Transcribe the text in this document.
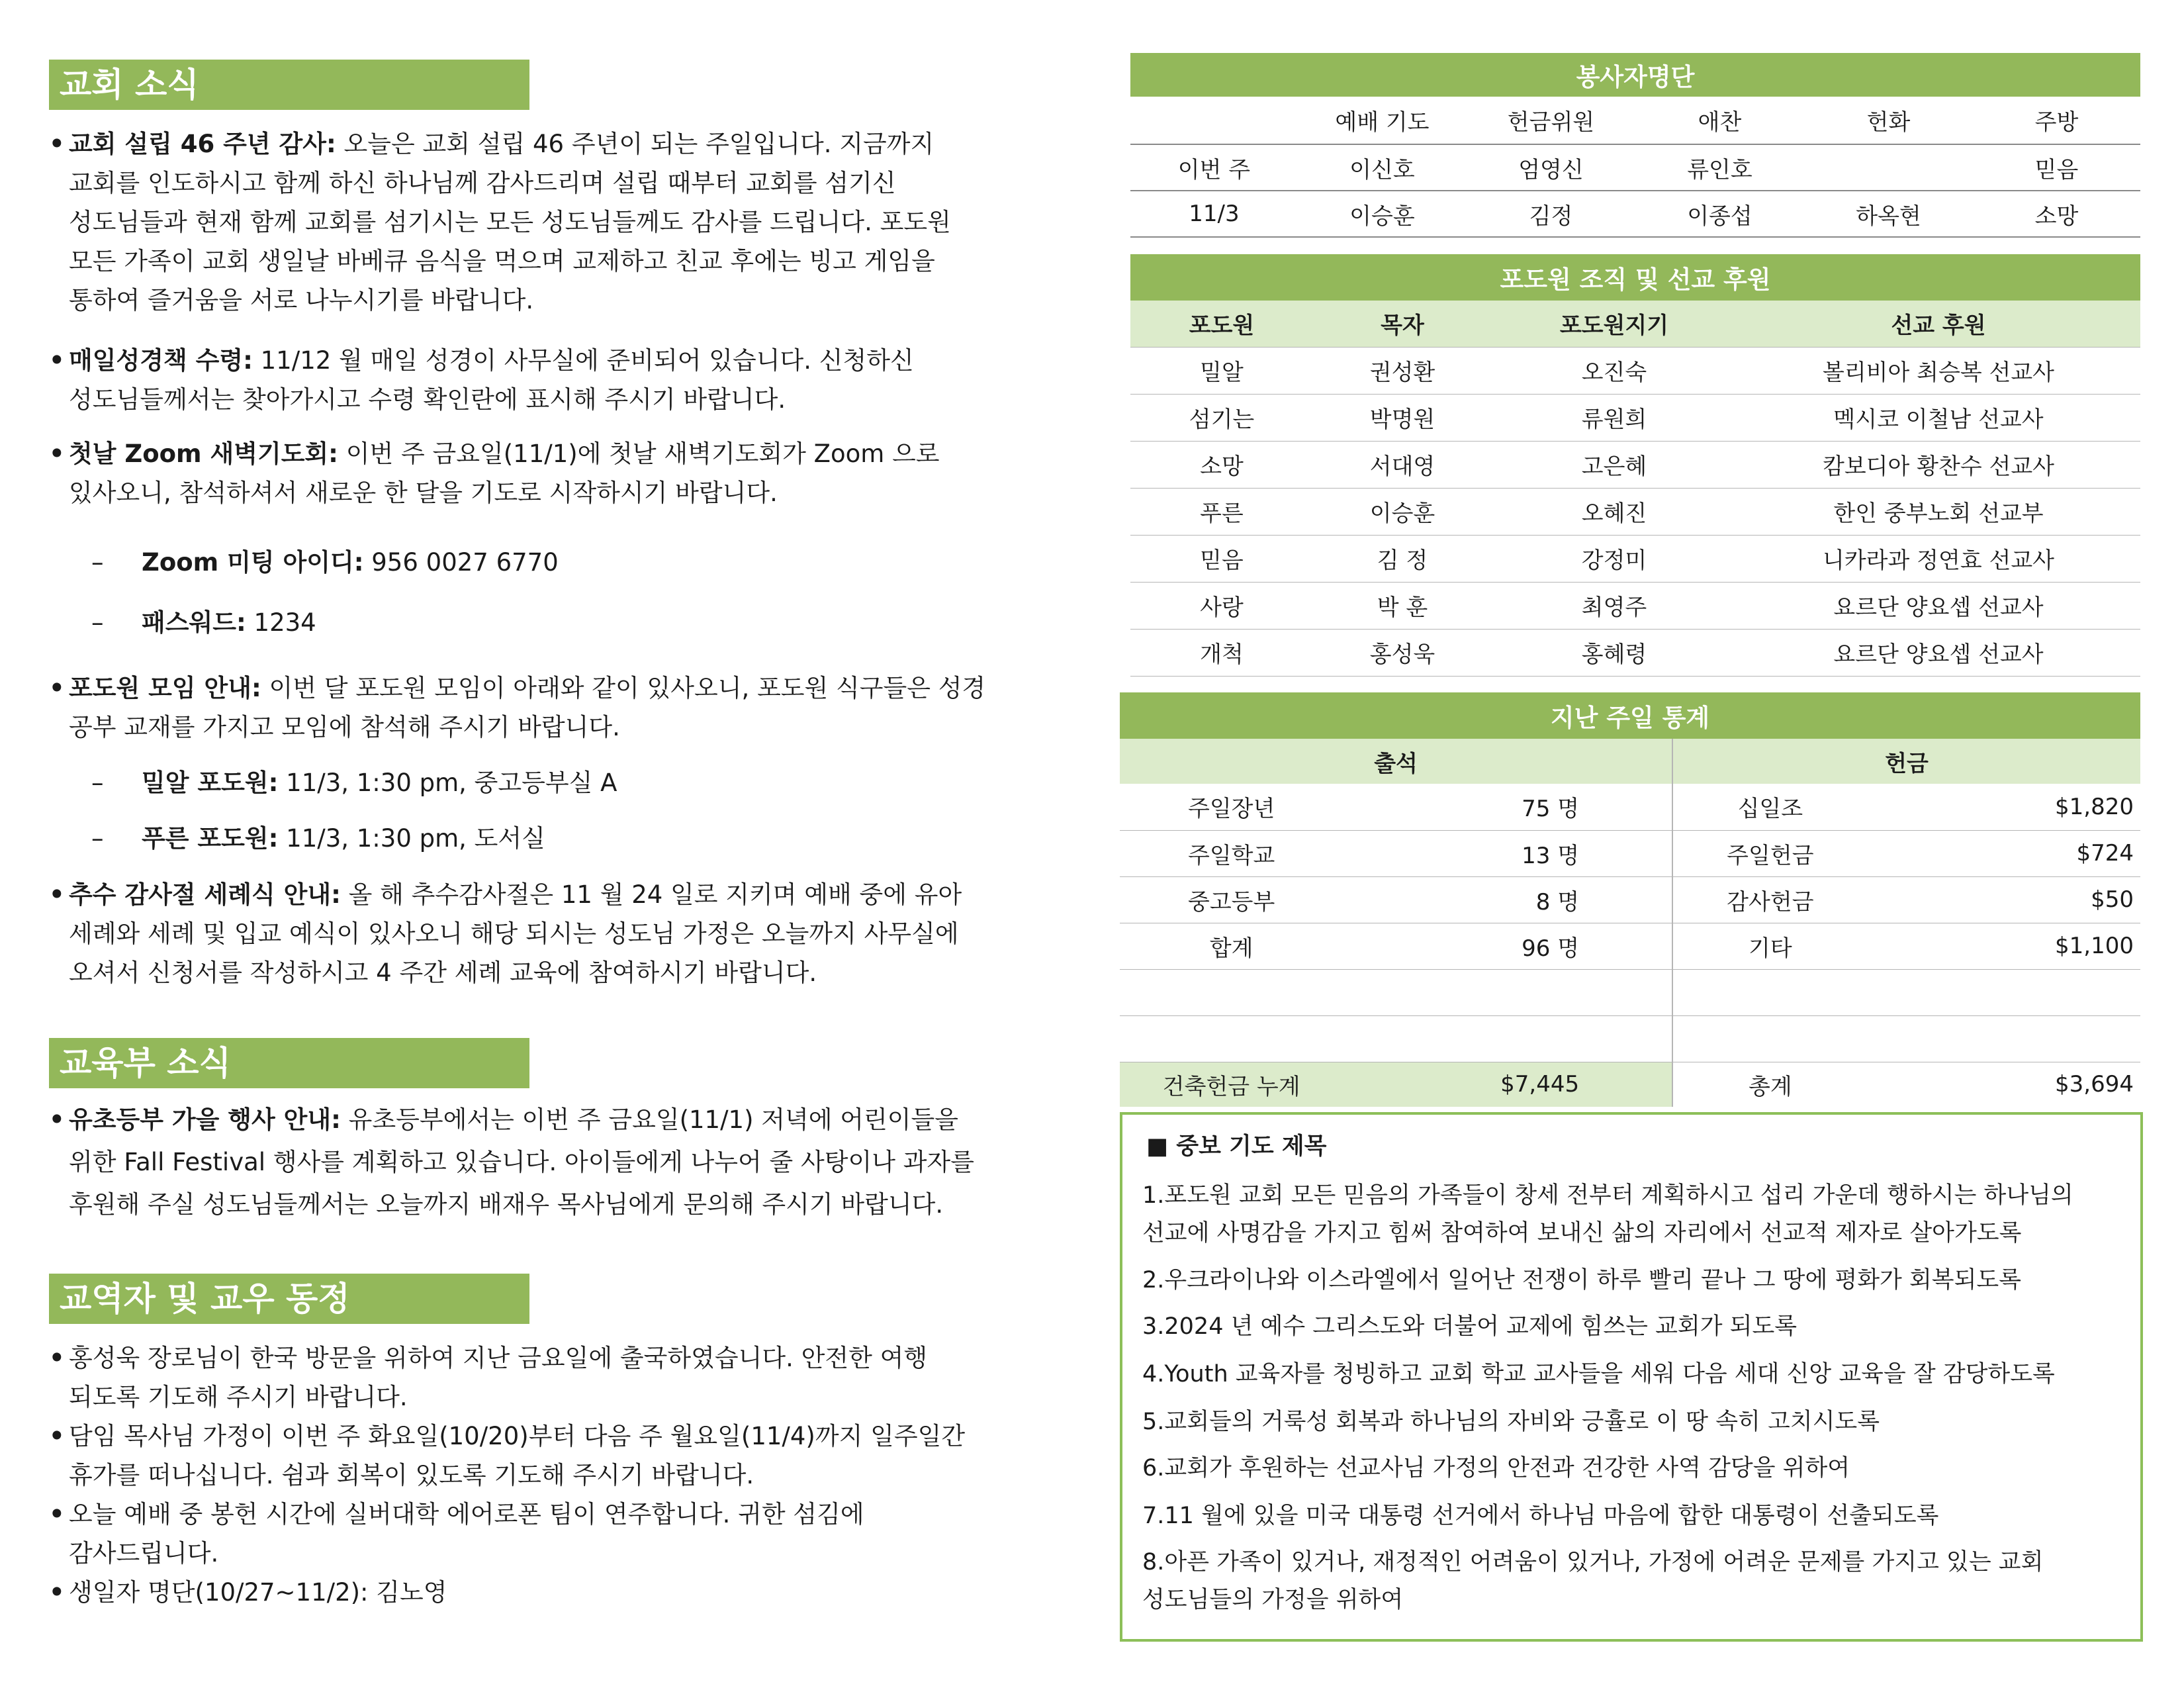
교회 소식
• 교회 설립 46 주년 감사: 오늘은 교회 설립 46 주년이 되는 주일입니다. 지금까지
교회를 인도하시고 함께 하신 하나님께 감사드리며 설립 때부터 교회를 섬기신
성도님들과 현재 함께 교회를 섬기시는 모든 성도님들께도 감사를 드립니다. 포도원
모든 가족이 교회 생일날 바베큐 음식을 먹으며 교제하고 친교 후에는 빙고 게임을
통하여 즐거움을 서로 나누시기를 바랍니다.
• 매일성경책 수령: 11/12 월 매일 성경이 사무실에 준비되어 있습니다. 신청하신
성도님들께서는 찾아가시고 수령 확인란에 표시해 주시기 바랍니다.
• 첫날 Zoom 새벽기도회: 이번 주 금요일(11/1)에 첫날 새벽기도회가 Zoom 으로
있사오니, 참석하셔서 새로운 한 달을 기도로 시작하시기 바랍니다.
– Zoom 미팅 아이디: 956 0027 6770
– 패스워드: 1234
• 포도원 모임 안내: 이번 달 포도원 모임이 아래와 같이 있사오니, 포도원 식구들은 성경
공부 교재를 가지고 모임에 참석해 주시기 바랍니다.
– 밀알 포도원: 11/3, 1:30 pm, 중고등부실 A
– 푸른 포도원: 11/3, 1:30 pm, 도서실
• 추수 감사절 세례식 안내: 올 해 추수감사절은 11 월 24 일로 지키며 예배 중에 유아
세례와 세례 및 입교 예식이 있사오니 해당 되시는 성도님 가정은 오늘까지 사무실에
오셔서 신청서를 작성하시고 4 주간 세례 교육에 참여하시기 바랍니다.
교육부 소식
• 유초등부 가을 행사 안내: 유초등부에서는 이번 주 금요일(11/1) 저녁에 어린이들을
위한 Fall Festival 행사를 계획하고 있습니다. 아이들에게 나누어 줄 사탕이나 과자를
후원해 주실 성도님들께서는 오늘까지 배재우 목사님에게 문의해 주시기 바랍니다.
교역자 및 교우 동정
• 홍성욱 장로님이 한국 방문을 위하여 지난 금요일에 출국하였습니다. 안전한 여행
되도록 기도해 주시기 바랍니다.
• 담임 목사님 가정이 이번 주 화요일(10/20)부터 다음 주 월요일(11/4)까지 일주일간
휴가를 떠나십니다. 쉼과 회복이 있도록 기도해 주시기 바랍니다.
• 오늘 예배 중 봉헌 시간에 실버대학 에어로폰 팀이 연주합니다. 귀한 섬김에
감사드립니다.
• 생일자 명단(10/27~11/2): 김노영
봉사자명단					
	예배 기도	헌금위원	애찬	헌화	주방
이번 주	이신호	엄영신	류인호		믿음
11/3	이승훈	김정	이종섭	하옥현	소망
포도원 조직 및 선교 후원			
포도원	목자	포도원지기	선교 후원
밀알	권성환	오진숙	볼리비아 최승복 선교사
섬기는	박명원	류원희	멕시코 이철남 선교사
소망	서대영	고은혜	캄보디아 황찬수 선교사
푸른	이승훈	오혜진	한인 중부노회 선교부
믿음	김 정	강정미	니카라과 정연효 선교사
사랑	박 훈	최영주	요르단 양요셉 선교사
개척	홍성욱	홍혜령	요르단 양요셉 선교사
지난 주일 통계			
출석		헌금	
주일장년	75 명	십일조	$1,820
주일학교	13 명	주일헌금	$724
중고등부	8 명	감사헌금	$50
합계	96 명	기타	$1,100

건축헌금 누계	$7,445	총계	$3,694
■ 중보 기도 제목
1.포도원 교회 모든 믿음의 가족들이 창세 전부터 계획하시고 섭리 가운데 행하시는 하나님의
선교에 사명감을 가지고 힘써 참여하여 보내신 삶의 자리에서 선교적 제자로 살아가도록
2.우크라이나와 이스라엘에서 일어난 전쟁이 하루 빨리 끝나 그 땅에 평화가 회복되도록
3.2024 년 예수 그리스도와 더불어 교제에 힘쓰는 교회가 되도록
4.Youth 교육자를 청빙하고 교회 학교 교사들을 세워 다음 세대 신앙 교육을 잘 감당하도록
5.교회들의 거룩성 회복과 하나님의 자비와 긍휼로 이 땅 속히 고치시도록
6.교회가 후원하는 선교사님 가정의 안전과 건강한 사역 감당을 위하여
7.11 월에 있을 미국 대통령 선거에서 하나님 마음에 합한 대통령이 선출되도록
8.아픈 가족이 있거나, 재정적인 어려움이 있거나, 가정에 어려운 문제를 가지고 있는 교회
성도님들의 가정을 위하여
